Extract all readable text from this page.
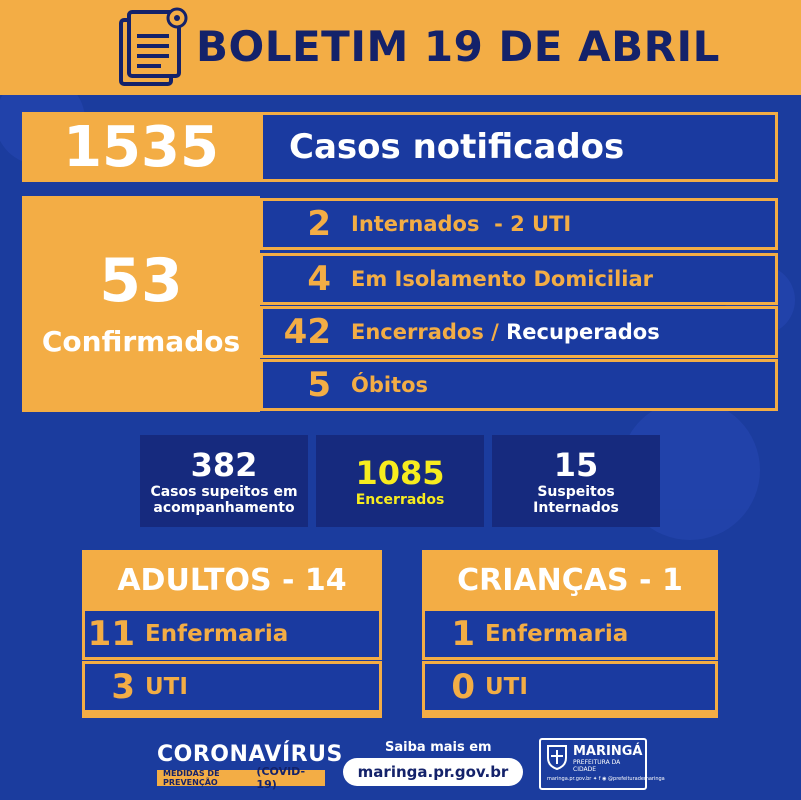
BOLETIM 19 DE ABRIL
1535	Casos notificados
53
Confirmados
2 Internados  - 2 UTI
4 Em Isolamento Domiciliar
42 Encerrados / Recuperados
5 Óbitos
382
Casos supeitos em
acompanhamento
1085
Encerrados
15
Suspeitos
Internados
ADULTOS - 14
11 Enfermaria
3 UTI
CRIANÇAS - 1
1 Enfermaria
0 UTI
CORONAVÍRUS
MEDIDAS DE PREVENÇÃO
(COVID-19)
Saiba mais em
maringa.pr.gov.br
MARINGÁ
PREFEITURA DA CIDADE
maringa.pr.gov.br ✦ f ◉ @prefeiturademaringa
